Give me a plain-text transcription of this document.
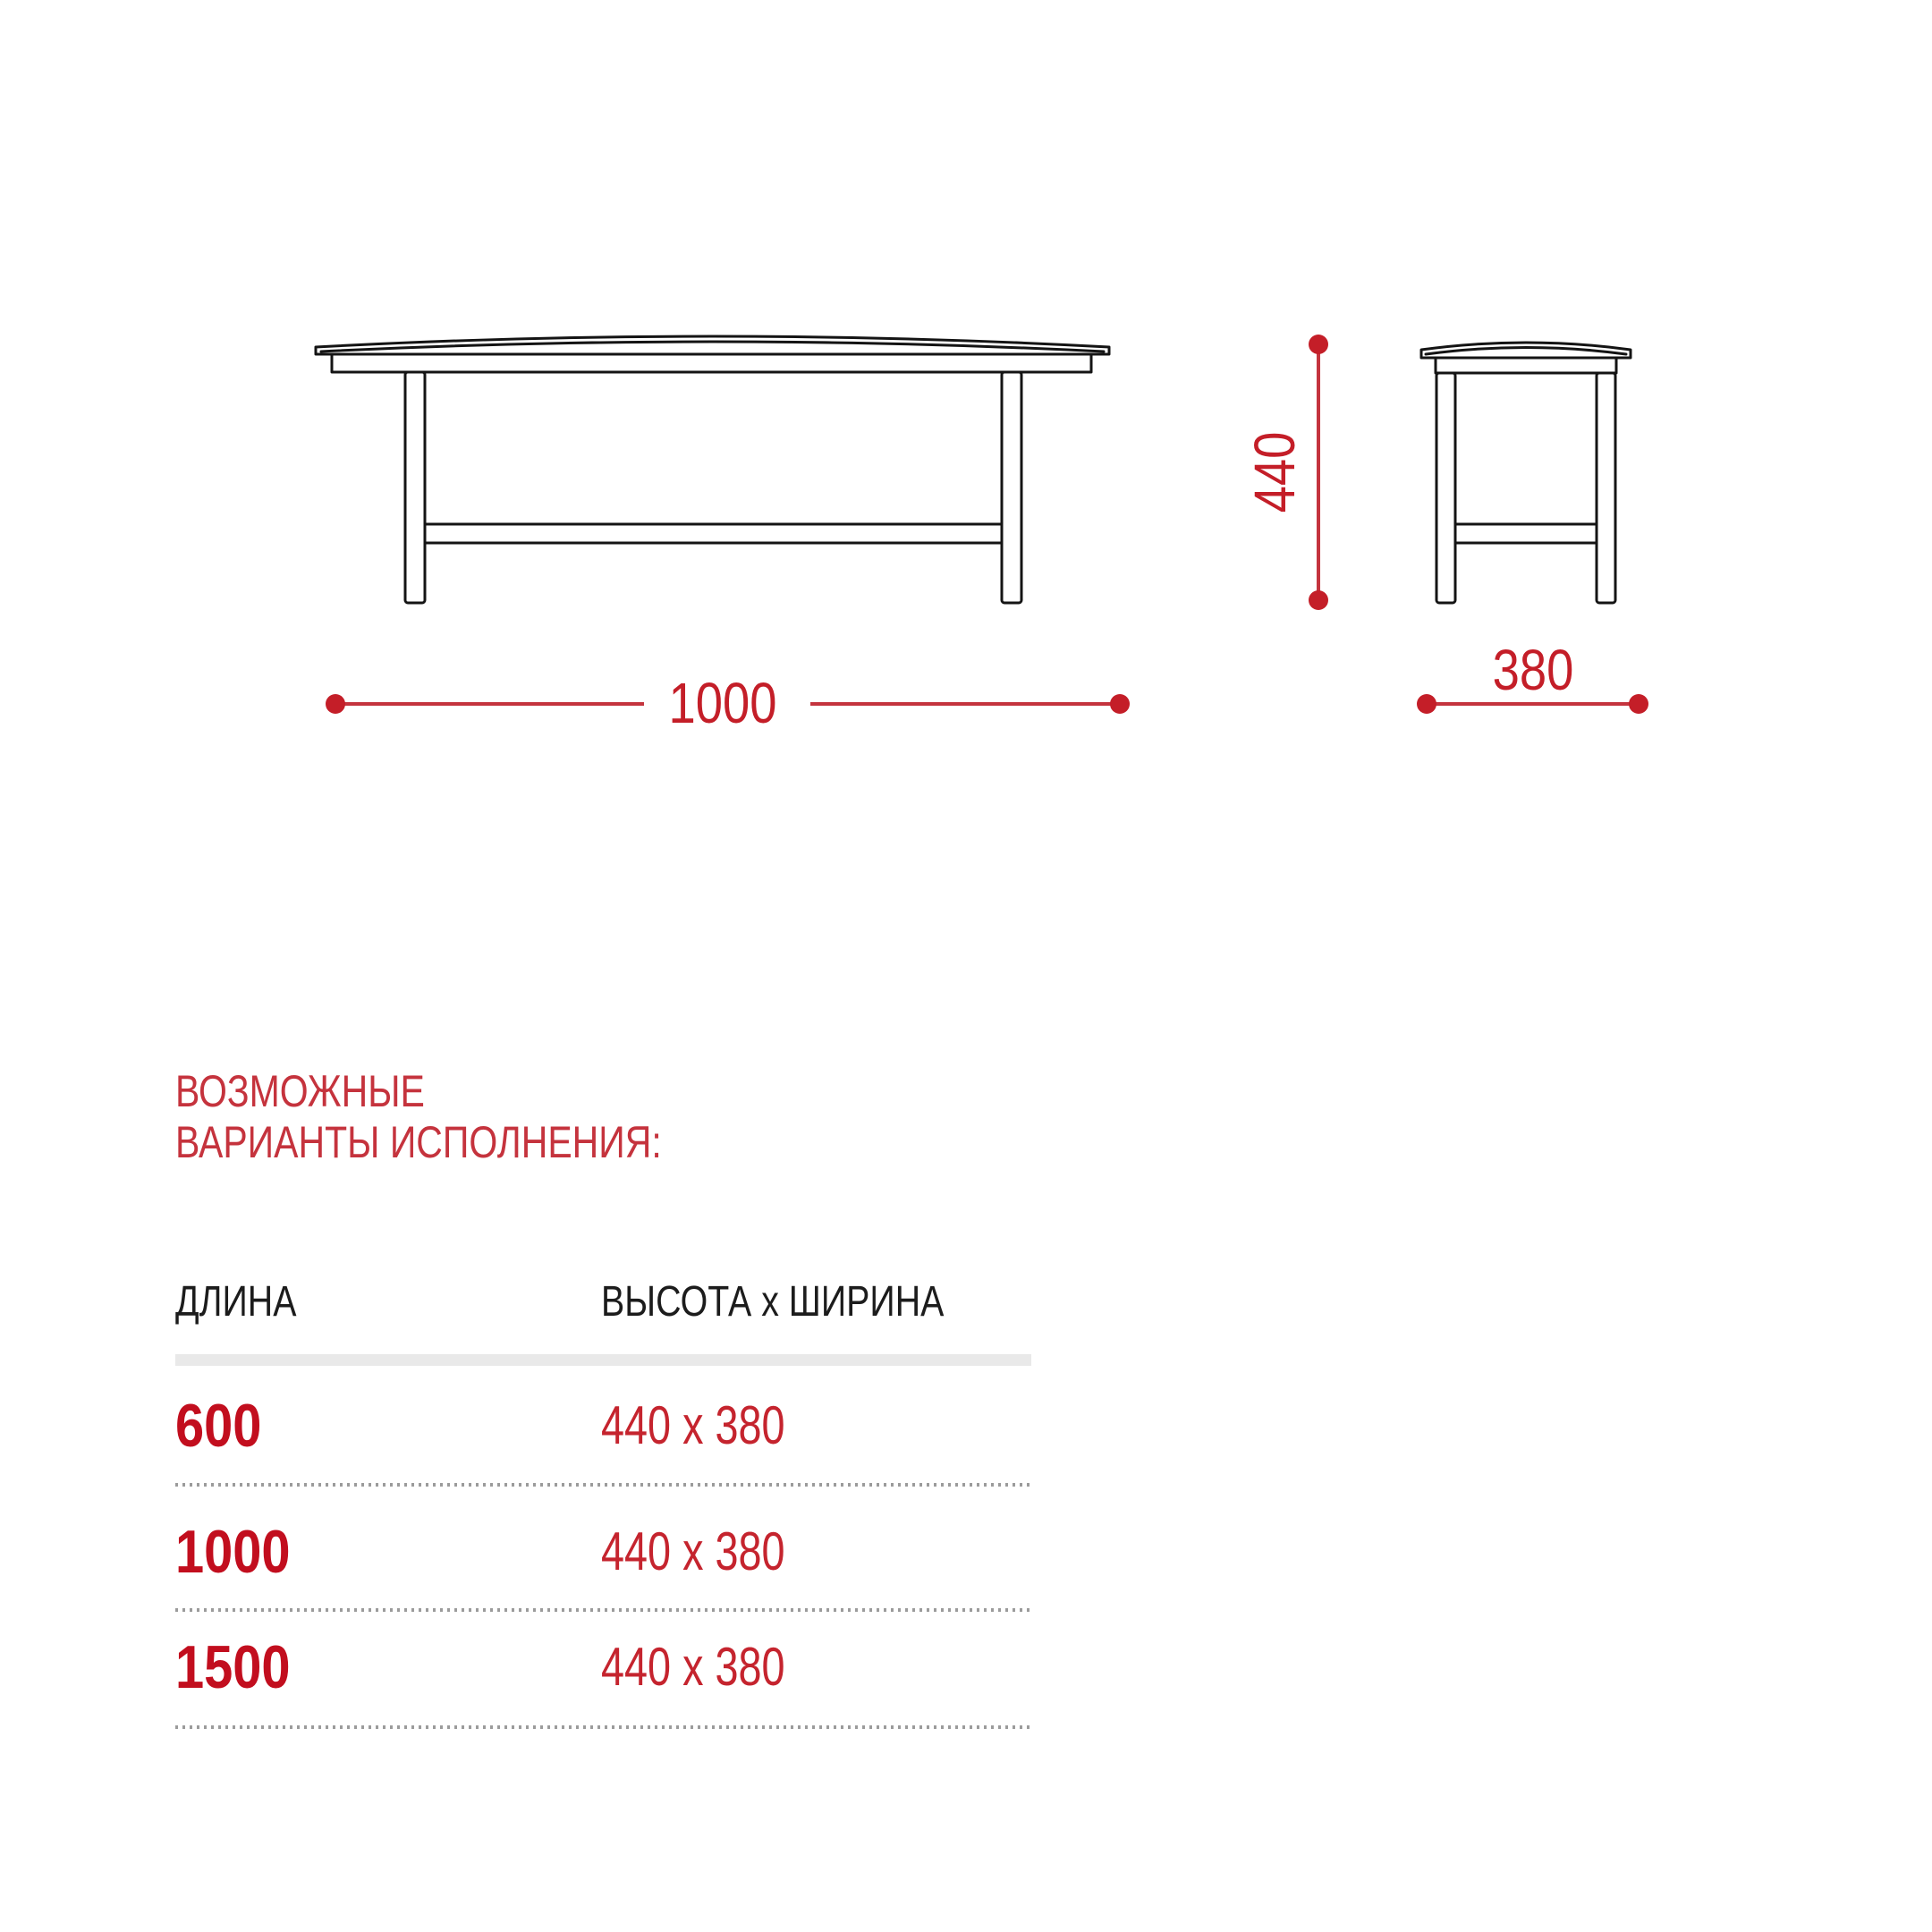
1000
440
380
ВОЗМОЖНЫЕ
ВАРИАНТЫ ИСПОЛНЕНИЯ:
ДЛИНА	ВЫСОТА x ШИРИНА
600	440 x 380
1000	440 x 380
1500	440 x 380
